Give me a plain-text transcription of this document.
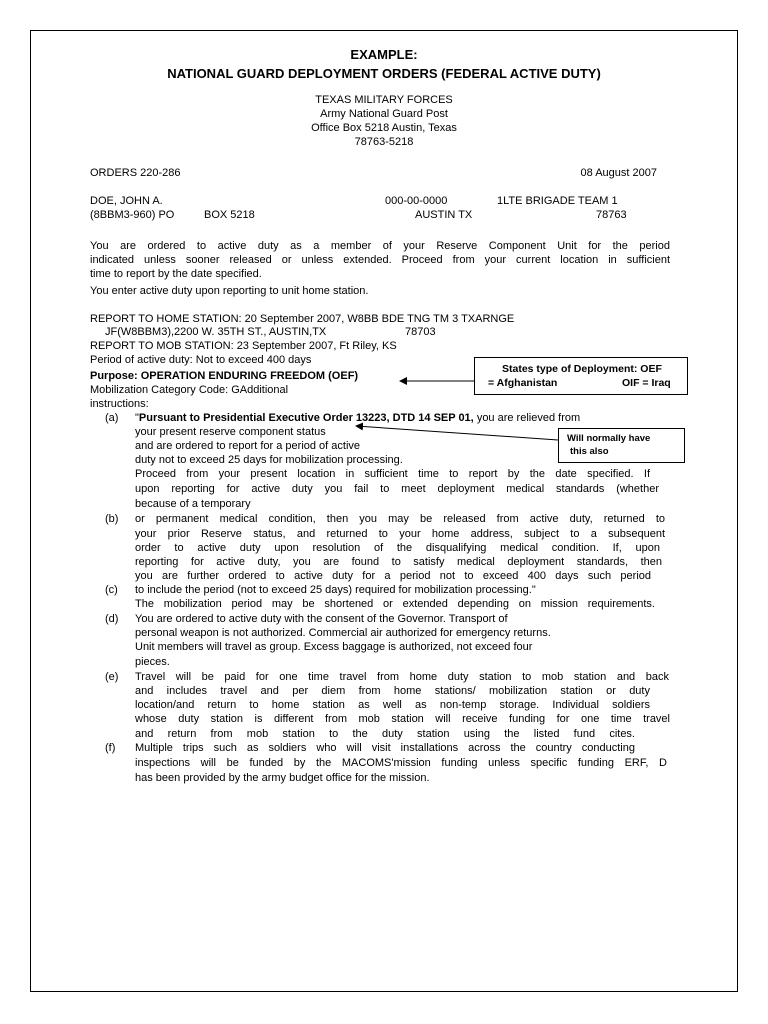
EXAMPLE:
NATIONAL GUARD DEPLOYMENT ORDERS (FEDERAL ACTIVE DUTY)
TEXAS MILITARY FORCES
Army National Guard Post
Office Box 5218 Austin, Texas
78763-5218
ORDERS 220-286	08 August 2007
DOE, JOHN A.	000-00-0000	1LTE BRIGADE TEAM 1
(8BBM3-960) PO	BOX 5218	AUSTIN TX	78763
You are ordered to active duty as a member of your Reserve Component Unit for the period
indicated unless sooner released or unless extended. Proceed from your current location in sufficient
time to report by the date specified.
You enter active duty upon reporting to unit home station.
REPORT TO HOME STATION: 20 September 2007, W8BB BDE TNG TM 3 TXARNGE
JF(W8BBM3),2200 W. 35TH ST., AUSTIN,TX	78703
REPORT TO MOB STATION: 23 September 2007, Ft Riley, KS
Period of active duty: Not to exceed 400 days
Purpose: OPERATION ENDURING FREEDOM (OEF)
Mobilization Category Code: GAdditional
instructions:
(a) "Pursuant to Presidential Executive Order 13223, DTD 14 SEP 01, you are relieved from
your present reserve component status
and are ordered to report for a period of active
duty not to exceed 25 days for mobilization processing.
Proceed from your present location in sufficient time to report by the date specified. If
upon reporting for active duty you fail to meet deployment medical standards (whether
because of a temporary
(b) or permanent medical condition, then you may be released from active duty, returned to
your prior Reserve status, and returned to your home address, subject to a subsequent
order to active duty upon resolution of the disqualifying medical condition. If, upon
reporting for active duty, you are found to satisfy medical deployment standards, then
you are further ordered to active duty for a period not to exceed 400 days such period
(c) to include the period (not to exceed 25 days) required for mobilization processing."
The mobilization period may be shortened or extended depending on mission requirements.
(d) You are ordered to active duty with the consent of the Governor. Transport of
personal weapon is not authorized. Commercial air authorized for emergency returns.
Unit members will travel as group. Excess baggage is authorized, not exceed four
pieces.
(e) Travel will be paid for one time travel from home duty station to mob station and back
and includes travel and per diem from home stations/ mobilization station or duty
location/and return to home station as well as non-temp storage. Individual soldiers
whose duty station is different from mob station will receive funding for one time travel
and return from mob station to the duty station using the listed fund cites.
(f) Multiple trips such as soldiers who will visit installations across the country conducting
inspections will be funded by the MACOMS'mission funding unless specific funding ERF, D
has been provided by the army budget office for the mission.
States type of Deployment: OEF
= Afghanistan	OIF = Iraq
Will normally have
this also
